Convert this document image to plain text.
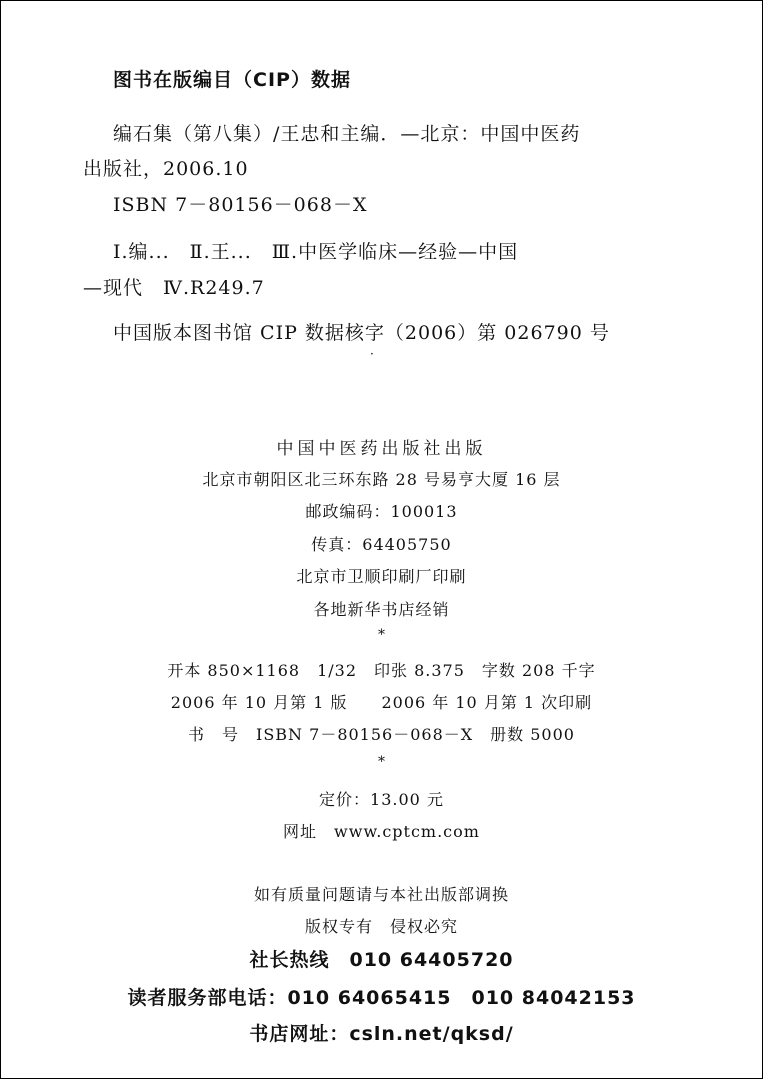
图书在版编目（CIP）数据
编石集（第八集）/王忠和主编．—北京：中国中医药
出版社，2006.10
ISBN 7－80156－068－X
Ⅰ.编...　Ⅱ.王...　Ⅲ.中医学临床—经验—中国
—现代　Ⅳ.R249.7
中国版本图书馆 CIP 数据核字（2006）第 026790 号
·
中国中医药出版社出版
北京市朝阳区北三环东路 28 号易亨大厦 16 层
邮政编码：100013
传真：64405750
北京市卫顺印刷厂印刷
各地新华书店经销
*
开本 850×1168　1/32　印张 8.375　字数 208 千字
2006 年 10 月第 1 版　　2006 年 10 月第 1 次印刷
书　号　ISBN 7－80156－068－X　册数 5000
*
定价：13.00 元
网址　www.cptcm.com
如有质量问题请与本社出版部调换
版权专有　侵权必究
社长热线　010 64405720
读者服务部电话：010 64065415　010 84042153
书店网址：csln.net/qksd/
